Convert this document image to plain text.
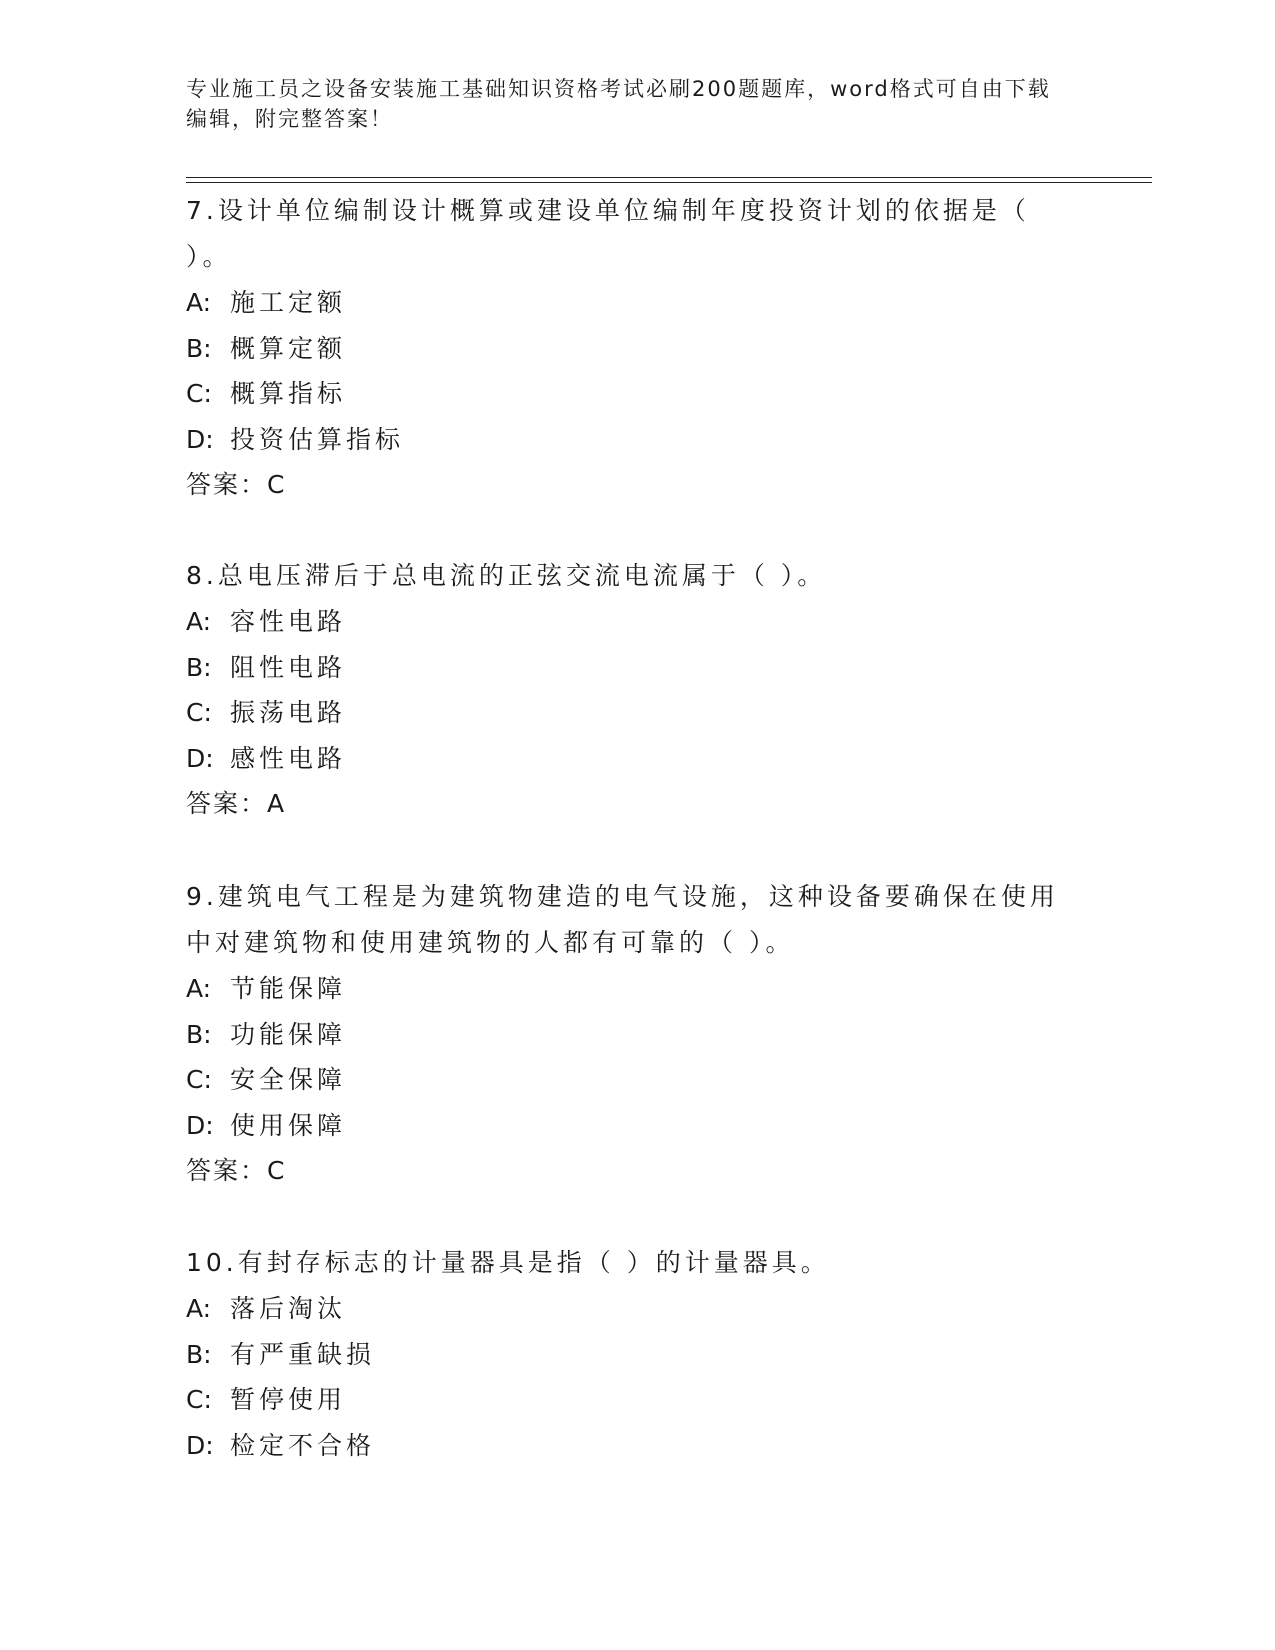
专业施工员之设备安装施工基础知识资格考试必刷200题题库，word格式可自由下载编辑，附完整答案！

7.设计单位编制设计概算或建设单位编制年度投资计划的依据是（ ）。

A: 施工定额
B: 概算定额
C: 概算指标
D: 投资估算指标
答案：C

8.总电压滞后于总电流的正弦交流电流属于（ ）。

A: 容性电路
B: 阻性电路
C: 振荡电路
D: 感性电路
答案：A

9.建筑电气工程是为建筑物建造的电气设施，这种设备要确保在使用中对建筑物和使用建筑物的人都有可靠的（ ）。

A: 节能保障
B: 功能保障
C: 安全保障
D: 使用保障
答案：C

10.有封存标志的计量器具是指（ ）的计量器具。

A: 落后淘汰
B: 有严重缺损
C: 暂停使用
D: 检定不合格
